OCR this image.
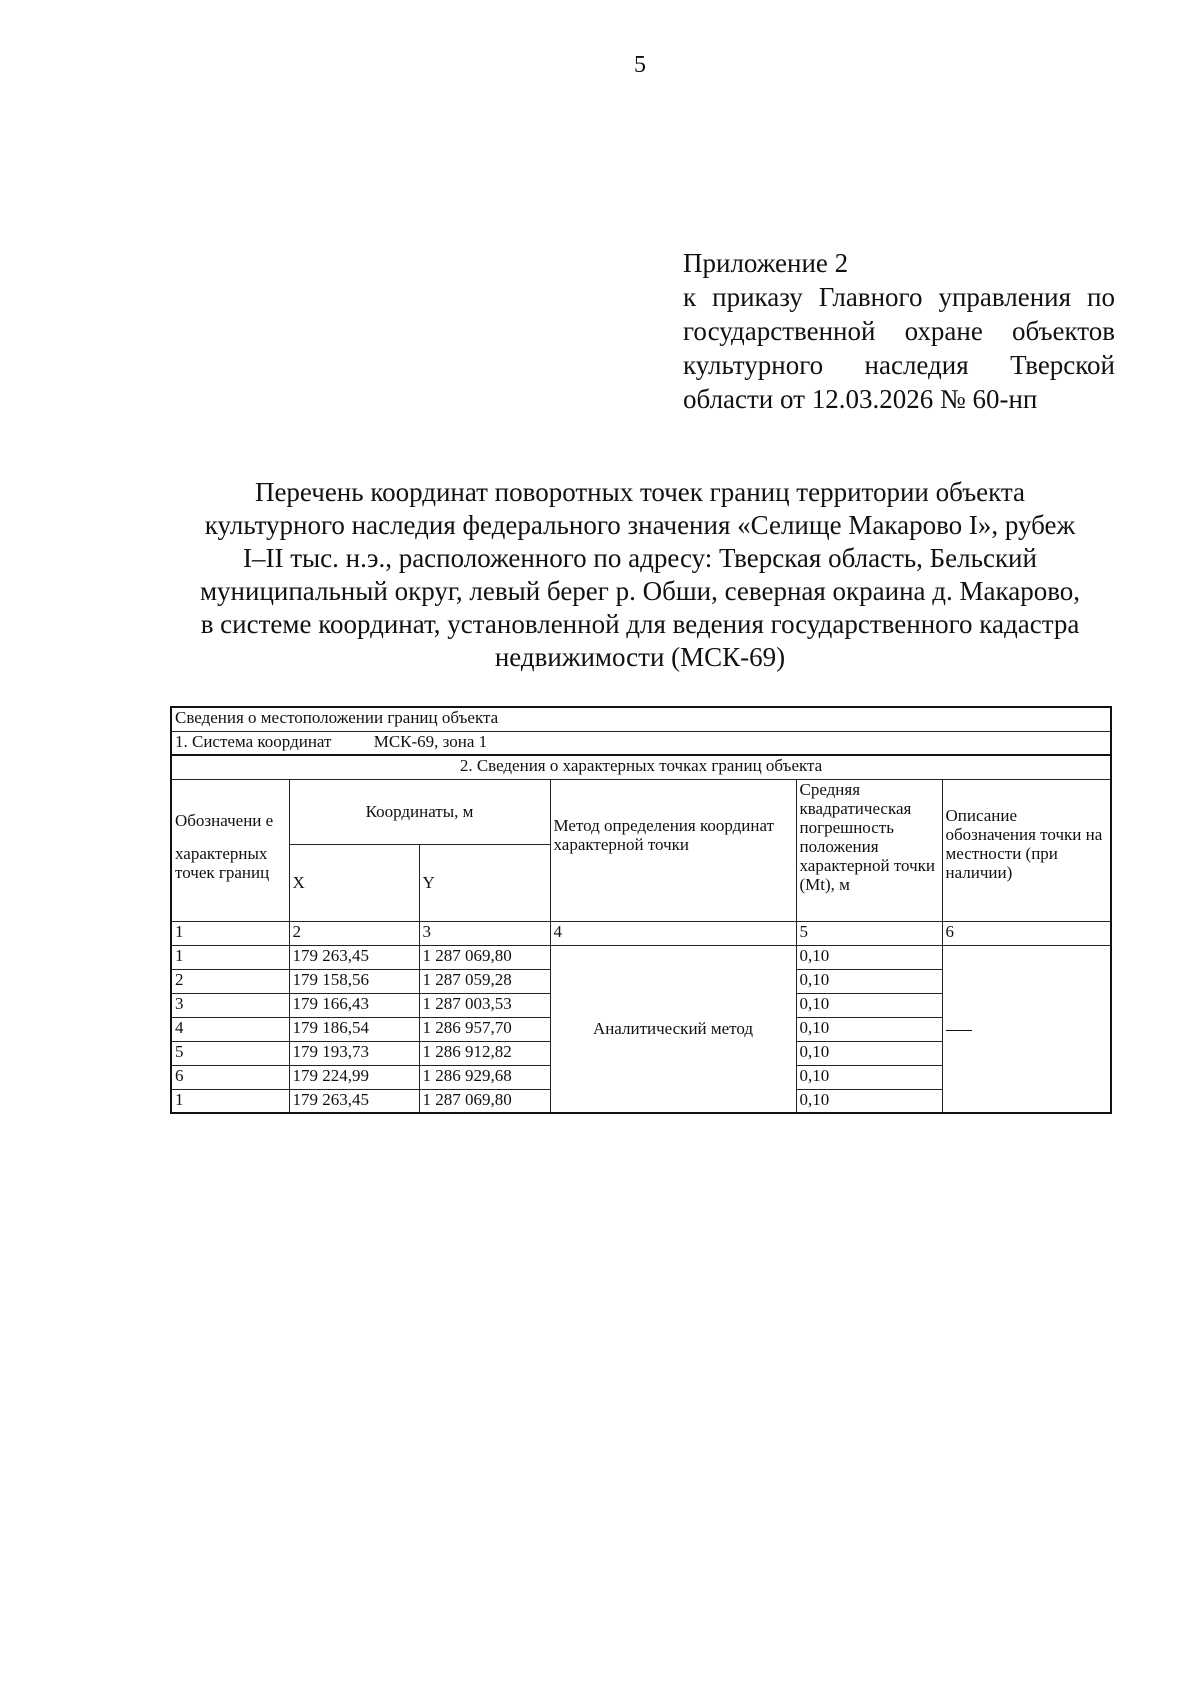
5
Приложение 2
к приказу Главного управления по
государственной охране объектов
культурного наследия Тверской
области от 12.03.2026 № 60-нп
Перечень координат поворотных точек границ территории объекта
культурного наследия федерального значения «Селище Макарово I», рубеж
I–II тыс. н.э., расположенного по адресу: Тверская область, Бельский
муниципальный округ, левый берег р. Обши, северная окраина д. Макарово,
в системе координат, установленной для ведения государственного кадастра
недвижимости (МСК-69)
Сведения о местоположении границ объекта					
1. Система координат МСК-69, зона 1					
2. Сведения о характерных точках границ объекта					
Обозначени е	Координаты, м		Метод определения координат характерной точки	Средняя квадратическая погрешность положения характерной точки (Mt), м	Описание обозначения точки на местности (при наличии)
характерных точек границ	X	Y			
1	2	3	4	5	6
1	179 263,45	1 287 069,80	Аналитический метод	0,10	
2	179 158,56	1 287 059,28		0,10	
3	179 166,43	1 287 003,53		0,10	
4	179 186,54	1 286 957,70		0,10	
5	179 193,73	1 286 912,82		0,10	
6	179 224,99	1 286 929,68		0,10	
1	179 263,45	1 287 069,80		0,10	
